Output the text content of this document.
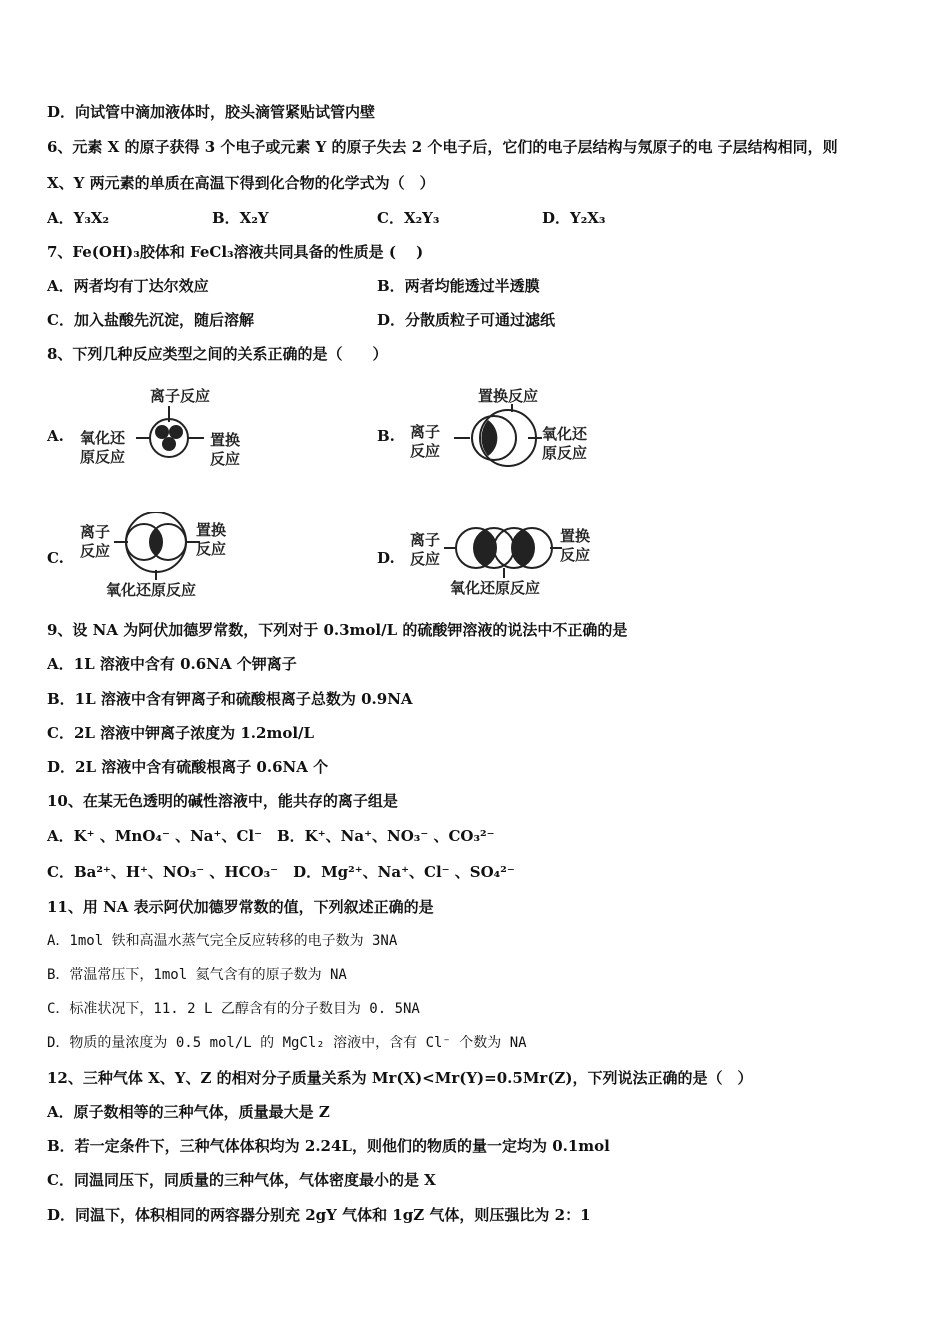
D．向试管中滴加液体时，胶头滴管紧贴试管内壁
6、元素 X 的原子获得 3 个电子或元素 Y 的原子失去 2 个电子后，它们的电子层结构与氖原子的电 子层结构相同，则
X、Y 两元素的单质在高温下得到化合物的化学式为（　）
A．Y₃X₂	B．X₂Y	C．X₂Y₃	D．Y₂X₃
7、Fe(OH)₃胶体和 FeCl₃溶液共同具备的性质是 (　 )
A．两者均有丁达尔效应	B．两者均能透过半透膜
C．加入盐酸先沉淀，随后溶解	D．分散质粒子可通过滤纸
8、下列几种反应类型之间的关系正确的是（　　）
A.
离子反应
氧化还
原反应
置换
反应
B.
置换反应
离子
反应
氧化还
原反应
C.
离子
反应
置换
反应
氧化还原反应
D.
离子
反应
置换
反应
氧化还原反应
9、设 NA 为阿伏加德罗常数，下列对于 0.3mol/L 的硫酸钾溶液的说法中不正确的是
A．1L 溶液中含有 0.6NA 个钾离子
B．1L 溶液中含有钾离子和硫酸根离子总数为 0.9NA
C．2L 溶液中钾离子浓度为 1.2mol/L
D．2L 溶液中含有硫酸根离子 0.6NA 个
10、在某无色透明的碱性溶液中，能共存的离子组是
A．K⁺ 、MnO₄⁻ 、Na⁺、Cl⁻　B．K⁺、Na⁺、NO₃⁻ 、CO₃²⁻
C．Ba²⁺、H⁺、NO₃⁻ 、HCO₃⁻　D．Mg²⁺、Na⁺、Cl⁻ 、SO₄²⁻
11、用 NA 表示阿伏加德罗常数的值，下列叙述正确的是
A．1mol 铁和高温水蒸气完全反应转移的电子数为 3NA
B．常温常压下，1mol 氦气含有的原子数为 NA
C．标准状况下，11. 2 L 乙醇含有的分子数目为 0. 5NA
D．物质的量浓度为 0.5 mol/L 的 MgCl₂ 溶液中，含有 Cl⁻ 个数为 NA
12、三种气体 X、Y、Z 的相对分子质量关系为 Mr(X)<Mr(Y)=0.5Mr(Z)，下列说法正确的是（　）
A．原子数相等的三种气体，质量最大是 Z
B．若一定条件下，三种气体体积均为 2.24L，则他们的物质的量一定均为 0.1mol
C．同温同压下，同质量的三种气体，气体密度最小的是 X
D．同温下，体积相同的两容器分别充 2gY 气体和 1gZ 气体，则压强比为 2：1
